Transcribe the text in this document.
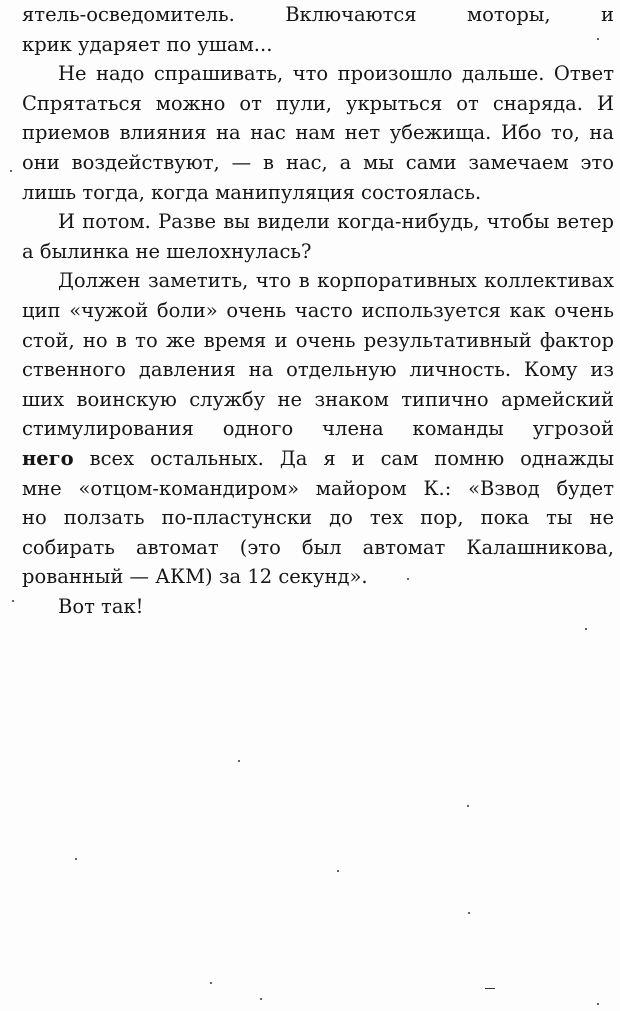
ятель-осведомитель. Включаются моторы, и
крик ударяет по ушам...
Не надо спрашивать, что произошло дальше. Ответ
Спрятаться можно от пули, укрыться от снаряда. И
приемов влияния на нас нам нет убежища. Ибо то, на
они воздействуют, — в нас, а мы сами замечаем это
лишь тогда, когда манипуляция состоялась.
И потом. Разве вы видели когда-нибудь, чтобы ветер
а былинка не шелохнулась?
Должен заметить, что в корпоративных коллективах
цип «чужой боли» очень часто используется как очень
стой, но в то же время и очень результативный фактор
ственного давления на отдельную личность. Кому из
ших воинскую службу не знаком типично армейский
стимулирования одного члена команды угрозой
него всех остальных. Да я и сам помню однажды
мне «отцом-командиром» майором К.: «Взвод будет
но ползать по-пластунски до тех пор, пока ты не
собирать автомат (это был автомат Калашникова,
рованный — АКМ) за 12 секунд».
Вот так!
